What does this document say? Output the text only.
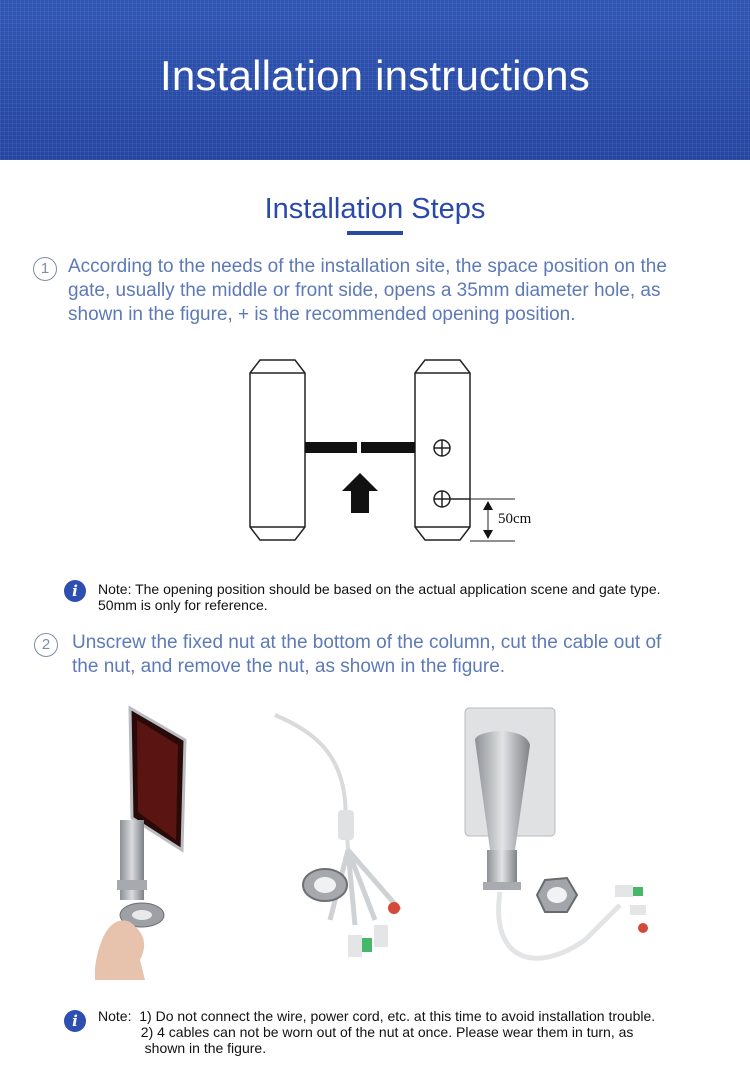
Installation instructions
Installation Steps
1 According to the needs of the installation site, the space position on the
gate, usually the middle or front side, opens a 35mm diameter hole, as
shown in the figure, + is the recommended opening position.
50cm
i	Note: The opening position should be based on the actual application scene and gate type.
50mm is only for reference.
2	Unscrew the fixed nut at the bottom of the column, cut the cable out of
the nut, and remove the nut, as shown in the figure.
i	Note:  1) Do not connect the wire, power cord, etc. at this time to avoid installation trouble.
2) 4 cables can not be worn out of the nut at once. Please wear them in turn, as
shown in the figure.
